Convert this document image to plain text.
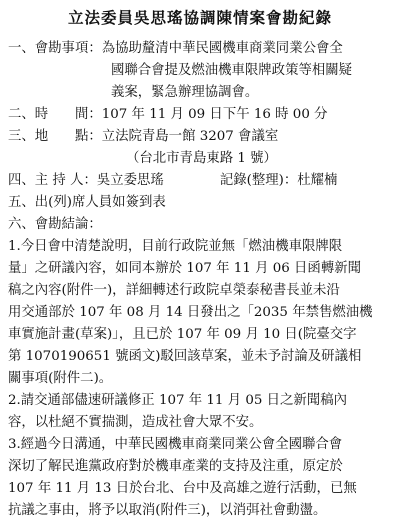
立法委員吳思瑤協調陳情案會勘紀錄
一、會勘事項：為協助釐清中華民國機車商業同業公會全
國聯合會提及燃油機車限牌政策等相關疑
義案，緊急辦理協調會。
二、時　　間：107 年 11 月 09 日下午 16 時 00 分
三、地　　點：立法院青島一館 3207 會議室
（台北市青島東路 1 號）
四、主 持 人：吳立委思瑤	記錄(整理)：杜耀楠
五、出(列)席人員如簽到表
六、會勘結論：
1.今日會中清楚說明，目前行政院並無「燃油機車限牌限
量」之研議內容，如同本辦於 107 年 11 月 06 日函轉新聞
稿之內容(附件一)，詳細轉述行政院卓榮泰秘書長並未沿
用交通部於 107 年 08 月 14 日發出之「2035 年禁售燃油機
車實施計畫(草案)」，且已於 107 年 09 月 10 日(院臺交字
第 1070190651 號函文)駁回該草案，並未予討論及研議相
關事項(附件二)。
2.請交通部儘速研議修正 107 年 11 月 05 日之新聞稿內
容，以杜絕不實揣測，造成社會大眾不安。
3.經過今日溝通，中華民國機車商業同業公會全國聯合會
深切了解民進黨政府對於機車產業的支持及注重，原定於
107 年 11 月 13 日於台北、台中及高雄之遊行活動，已無
抗議之事由，將予以取消(附件三)，以消弭社會動盪。
